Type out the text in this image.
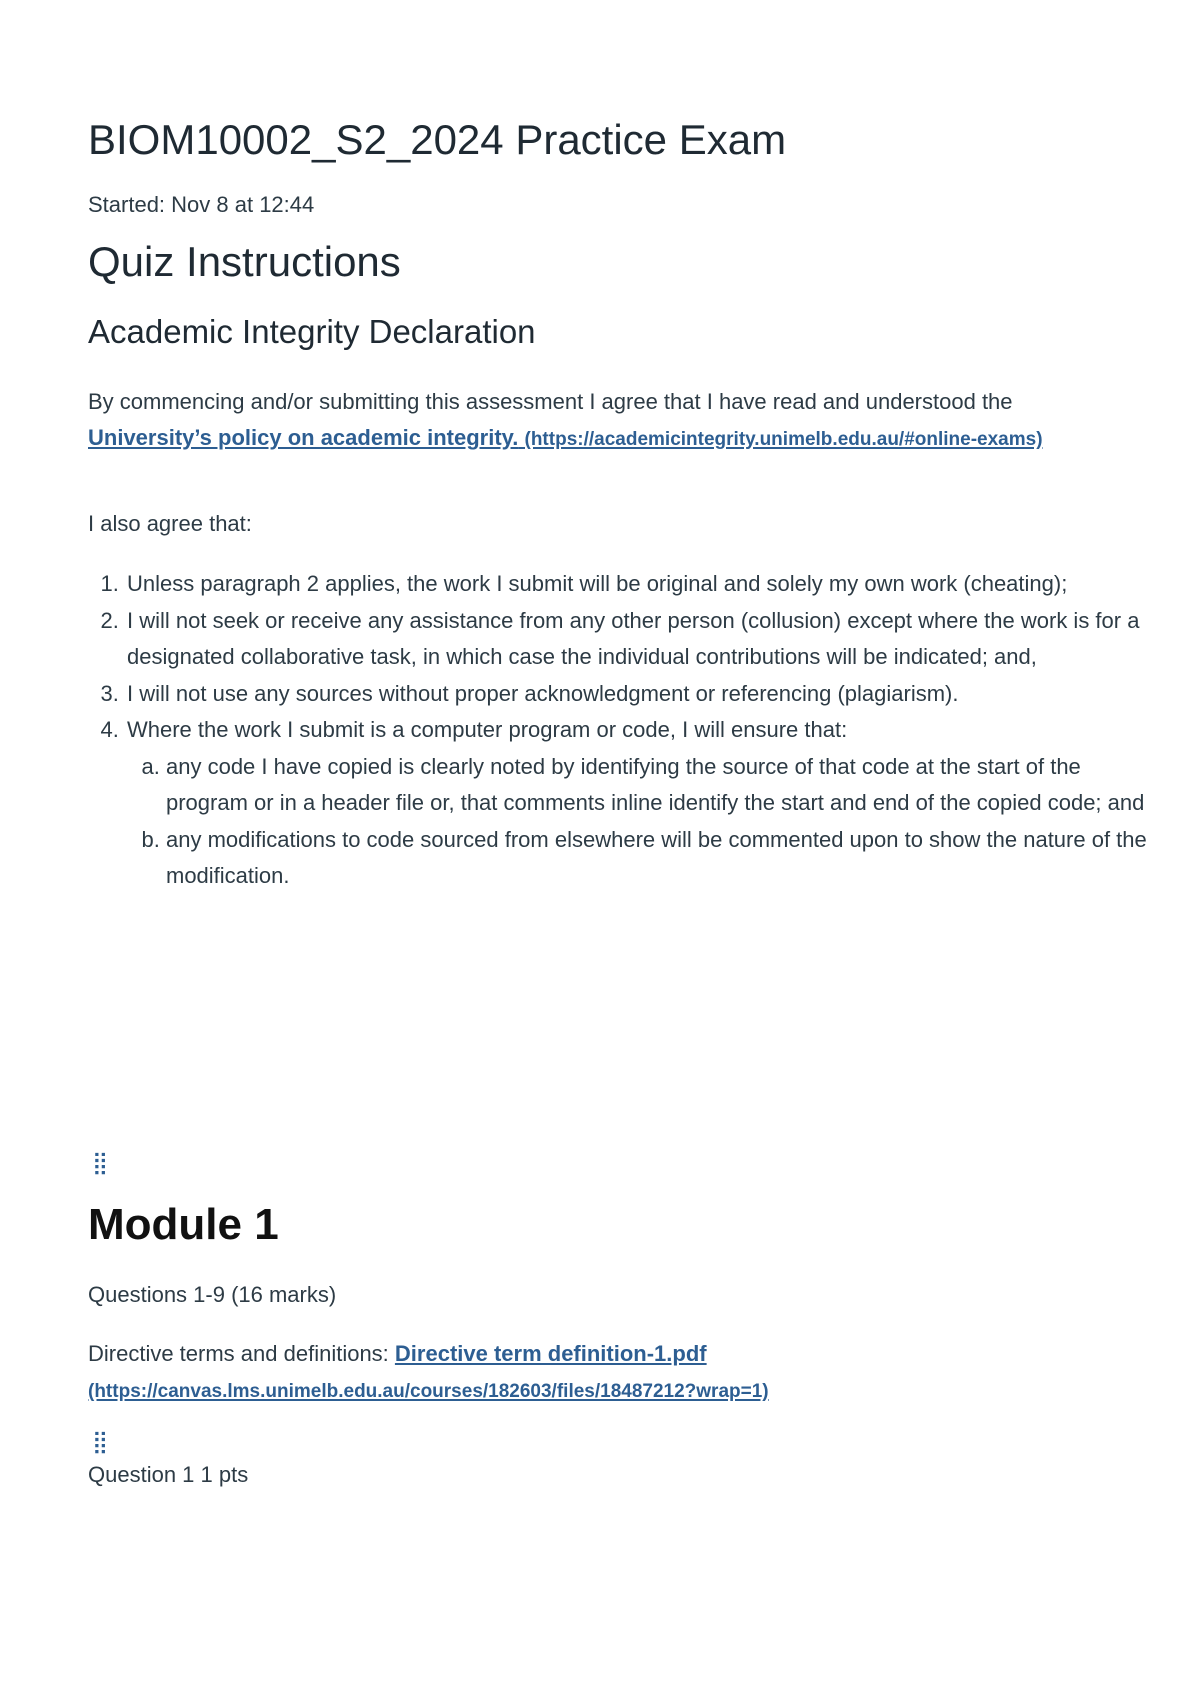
BIOM10002_S2_2024 Practice Exam

Started: Nov 8 at 12:44

Quiz Instructions
Academic Integrity Declaration

By commencing and/or submitting this assessment I agree that I have read and understood the University’s policy on academic integrity. (https://academicintegrity.unimelb.edu.au/#online-exams)

I also agree that:

1. Unless paragraph 2 applies, the work I submit will be original and solely my own work (cheating);
2. I will not seek or receive any assistance from any other person (collusion) except where the work is for a designated collaborative task, in which case the individual contributions will be indicated; and,
3. I will not use any sources without proper acknowledgment or referencing (plagiarism).
4. Where the work I submit is a computer program or code, I will ensure that:
a. any code I have copied is clearly noted by identifying the source of that code at the start of the program or in a header file or, that comments inline identify the start and end of the copied code; and
b. any modifications to code sourced from elsewhere will be commented upon to show the nature of the modification.
⣿
Module 1

Questions 1-9 (16 marks)

Directive terms and definitions: Directive term definition-1.pdf
(https://canvas.lms.unimelb.edu.au/courses/182603/files/18487212?wrap=1)

⣿

Question 1 1 pts
